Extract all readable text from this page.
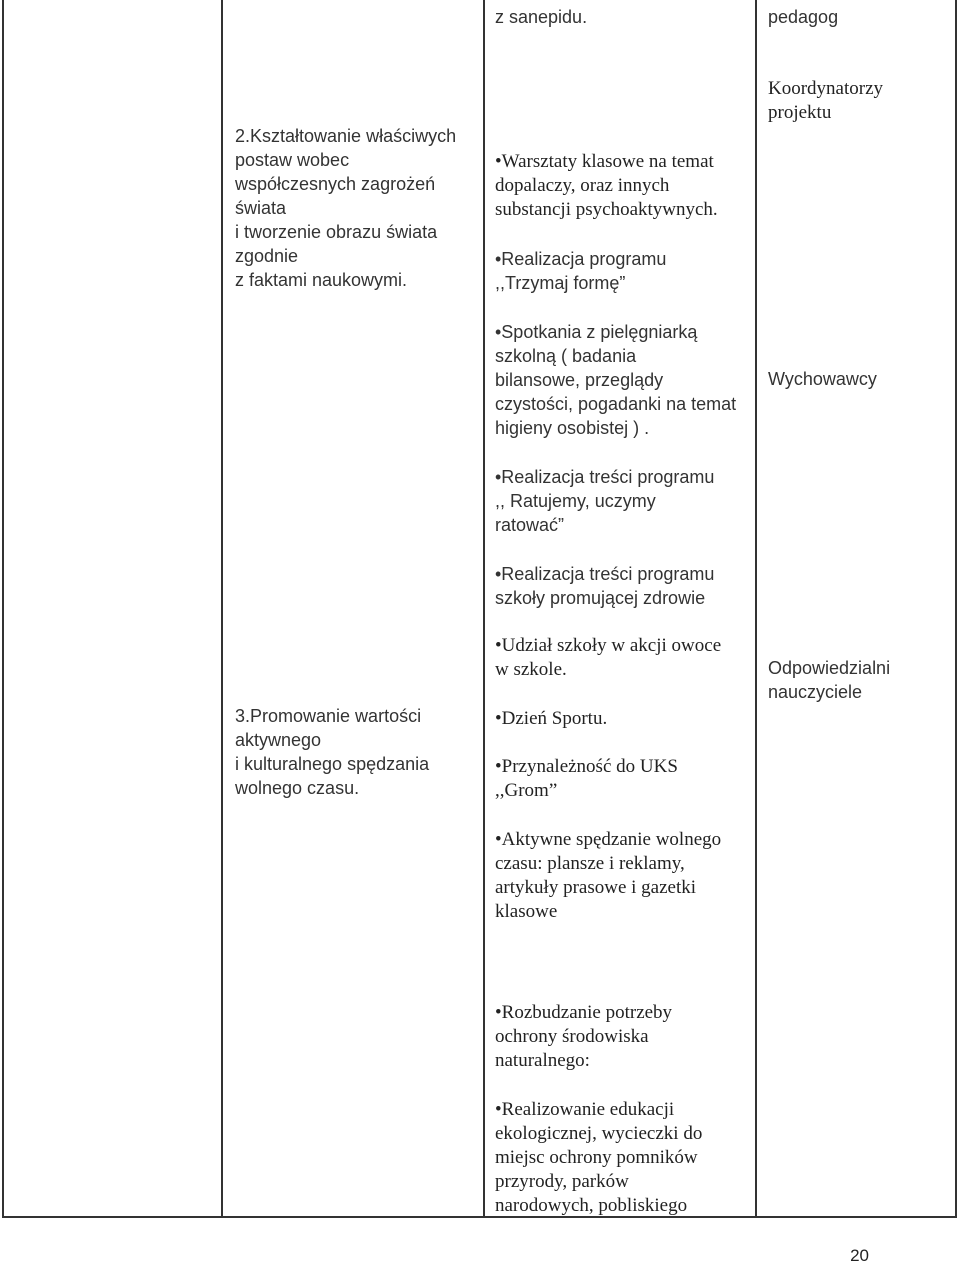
z sanepidu.	pedagog

2.Kształtowanie właściwych
postaw wobec
współczesnych zagrożeń
świata
i tworzenie obrazu świata
zgodnie
z faktami naukowymi.

•Warsztaty klasowe na temat
dopalaczy, oraz innych
substancji psychoaktywnych.

•Realizacja programu
,,Trzymaj formę”

•Spotkania z pielęgniarką
szkolną ( badania
bilansowe, przeglądy
czystości, pogadanki na temat
higieny osobistej ) .

•Realizacja treści programu
,, Ratujemy, uczymy
ratować”

•Realizacja treści programu
szkoły promującej zdrowie

Koordynatorzy
projektu

Wychowawcy

3.Promowanie wartości
aktywnego
i kulturalnego spędzania
wolnego czasu.

•Udział szkoły w akcji owoce
w szkole.

•Dzień Sportu.

•Przynależność do UKS
,,Grom”

•Aktywne spędzanie wolnego
czasu: plansze i reklamy,
artykuły prasowe i gazetki
klasowe

•Rozbudzanie potrzeby
ochrony środowiska
naturalnego:

•Realizowanie edukacji
ekologicznej, wycieczki do
miejsc ochrony pomników
przyrody, parków
narodowych, pobliskiego

Odpowiedzialni
nauczyciele

20
